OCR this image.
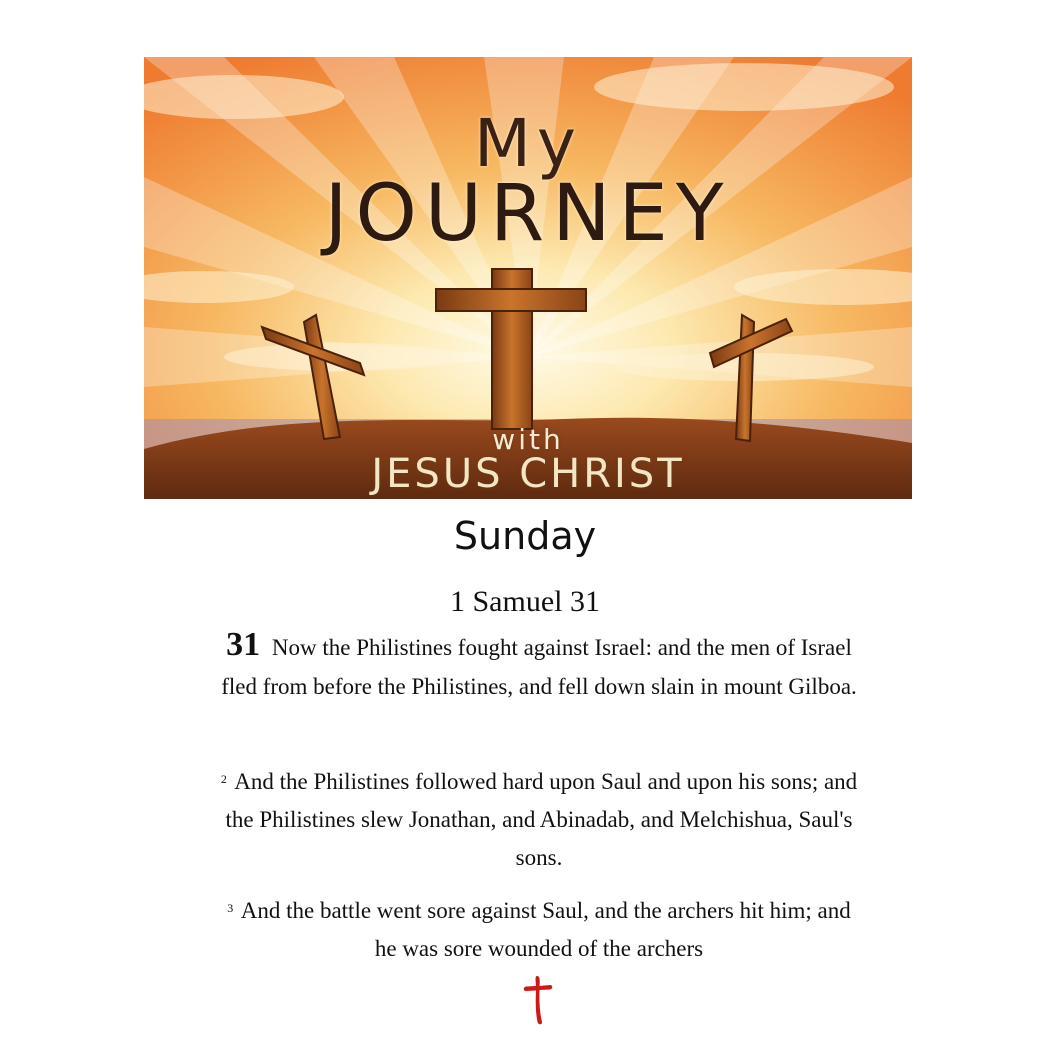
My
JOURNEY
with
JESUS CHRIST
Sunday
1 Samuel 31
31 Now the Philistines fought against Israel: and the men of Israel fled from before the Philistines, and fell down slain in mount Gilboa.
$^2$ And the Philistines followed hard upon Saul and upon his sons; and the Philistines slew Jonathan, and Abinadab, and Melchishua, Saul's sons.
$^3$ And the battle went sore against Saul, and the archers hit him; and he was sore wounded of the archers
